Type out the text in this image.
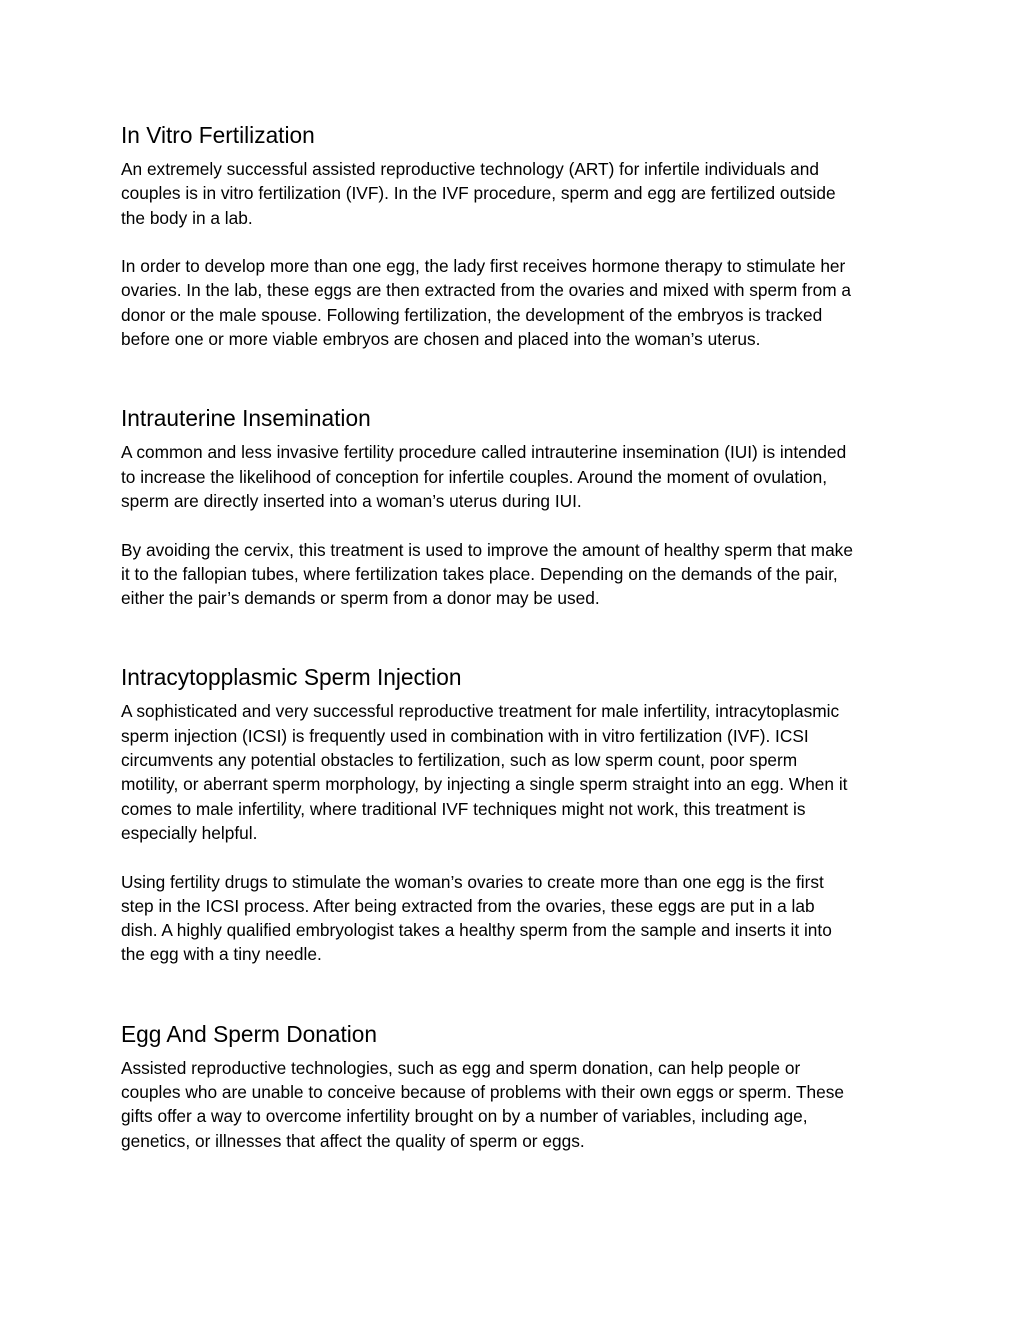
In Vitro Fertilization

An extremely successful assisted reproductive technology (ART) for infertile individuals and
couples is in vitro fertilization (IVF). In the IVF procedure, sperm and egg are fertilized outside
the body in a lab.

In order to develop more than one egg, the lady first receives hormone therapy to stimulate her
ovaries. In the lab, these eggs are then extracted from the ovaries and mixed with sperm from a
donor or the male spouse. Following fertilization, the development of the embryos is tracked
before one or more viable embryos are chosen and placed into the woman’s uterus.

Intrauterine Insemination

A common and less invasive fertility procedure called intrauterine insemination (IUI) is intended
to increase the likelihood of conception for infertile couples. Around the moment of ovulation,
sperm are directly inserted into a woman’s uterus during IUI.

By avoiding the cervix, this treatment is used to improve the amount of healthy sperm that make
it to the fallopian tubes, where fertilization takes place. Depending on the demands of the pair,
either the pair’s demands or sperm from a donor may be used.

Intracytopplasmic Sperm Injection

A sophisticated and very successful reproductive treatment for male infertility, intracytoplasmic
sperm injection (ICSI) is frequently used in combination with in vitro fertilization (IVF). ICSI
circumvents any potential obstacles to fertilization, such as low sperm count, poor sperm
motility, or aberrant sperm morphology, by injecting a single sperm straight into an egg. When it
comes to male infertility, where traditional IVF techniques might not work, this treatment is
especially helpful.

Using fertility drugs to stimulate the woman’s ovaries to create more than one egg is the first
step in the ICSI process. After being extracted from the ovaries, these eggs are put in a lab
dish. A highly qualified embryologist takes a healthy sperm from the sample and inserts it into
the egg with a tiny needle.

Egg And Sperm Donation

Assisted reproductive technologies, such as egg and sperm donation, can help people or
couples who are unable to conceive because of problems with their own eggs or sperm. These
gifts offer a way to overcome infertility brought on by a number of variables, including age,
genetics, or illnesses that affect the quality of sperm or eggs.
